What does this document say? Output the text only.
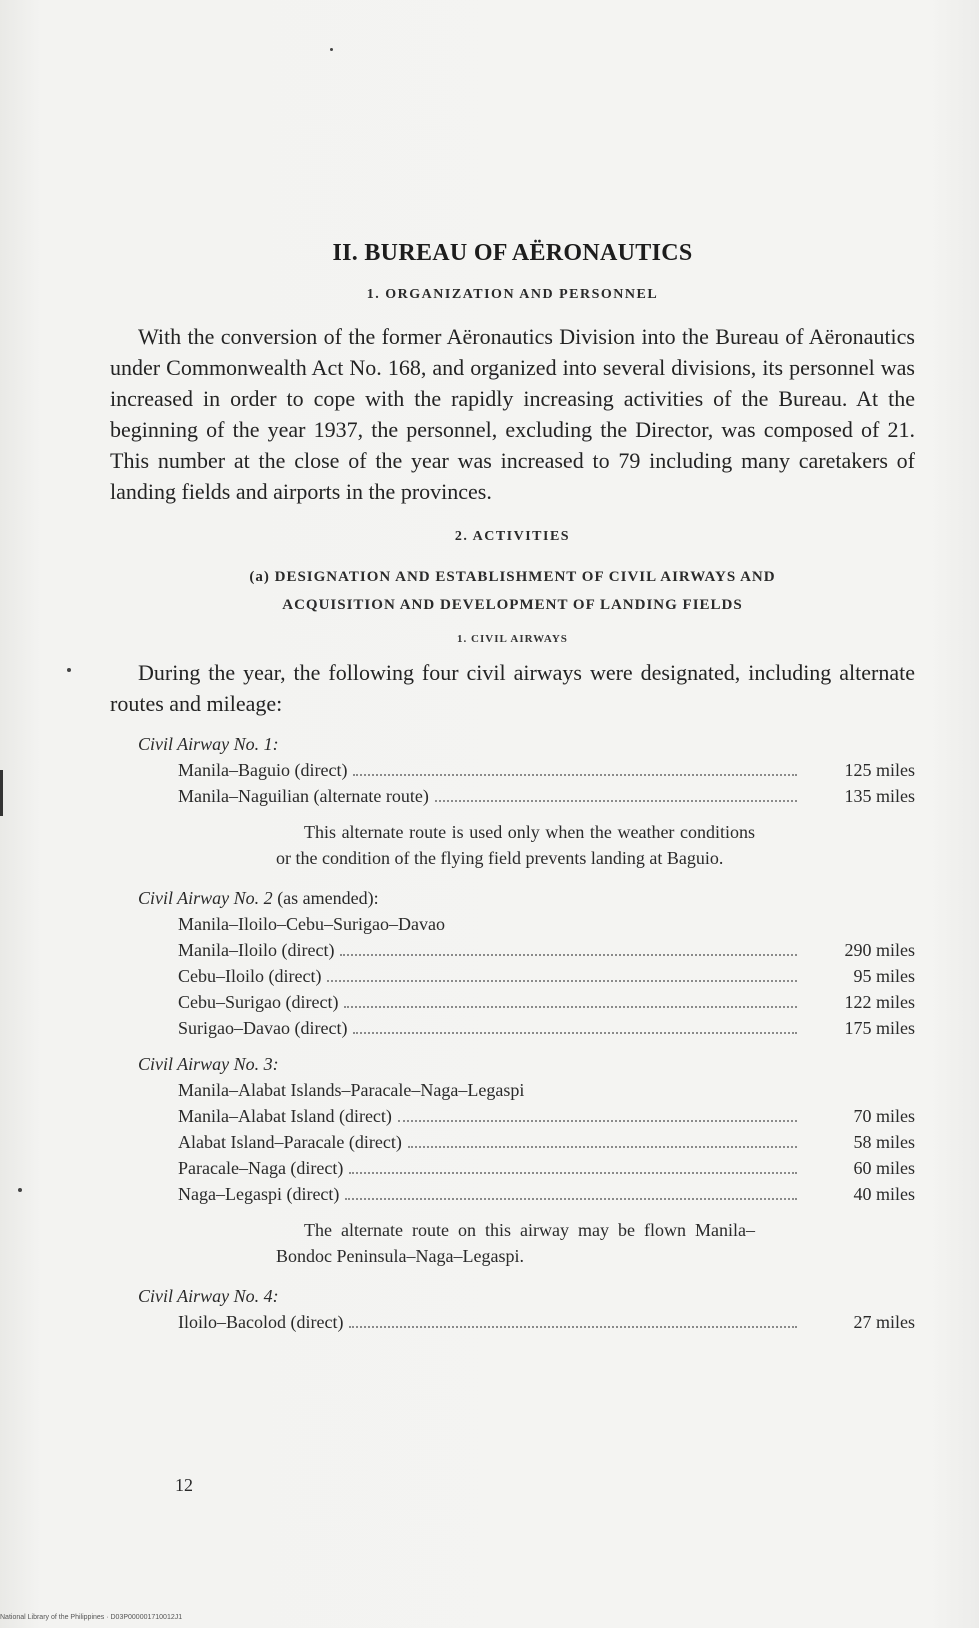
II. BUREAU OF AËRONAUTICS
1. ORGANIZATION AND PERSONNEL

With the conversion of the former Aëronautics Division into the Bureau of Aëronautics under Commonwealth Act No. 168, and organized into several divisions, its personnel was increased in order to cope with the rapidly increasing activities of the Bureau. At the beginning of the year 1937, the personnel, excluding the Director, was composed of 21. This number at the close of the year was increased to 79 including many caretakers of landing fields and airports in the provinces.

2. ACTIVITIES
(a) DESIGNATION AND ESTABLISHMENT OF CIVIL AIRWAYS AND
ACQUISITION AND DEVELOPMENT OF LANDING FIELDS
1. CIVIL AIRWAYS

During the year, the following four civil airways were designated, including alternate routes and mileage:

Civil Airway No. 1:
Manila–Baguio (direct)	125 miles
Manila–Naguilian (alternate route)	135 miles
This alternate route is used only when the weather conditions or the condition of the flying field prevents landing at Baguio.
Civil Airway No. 2 (as amended):
Manila–Iloilo–Cebu–Surigao–Davao
Manila–Iloilo (direct)	290 miles
Cebu–Iloilo (direct)	95 miles
Cebu–Surigao (direct)	122 miles
Surigao–Davao (direct)	175 miles
Civil Airway No. 3:
Manila–Alabat Islands–Paracale–Naga–Legaspi
Manila–Alabat Island (direct)	70 miles
Alabat Island–Paracale (direct)	58 miles
Paracale–Naga (direct)	60 miles
Naga–Legaspi (direct)	40 miles
The alternate route on this airway may be flown Manila–Bondoc Peninsula–Naga–Legaspi.
Civil Airway No. 4:
Iloilo–Bacolod (direct)	27 miles
12
National Library of the Philippines · D03P000001710012J1
